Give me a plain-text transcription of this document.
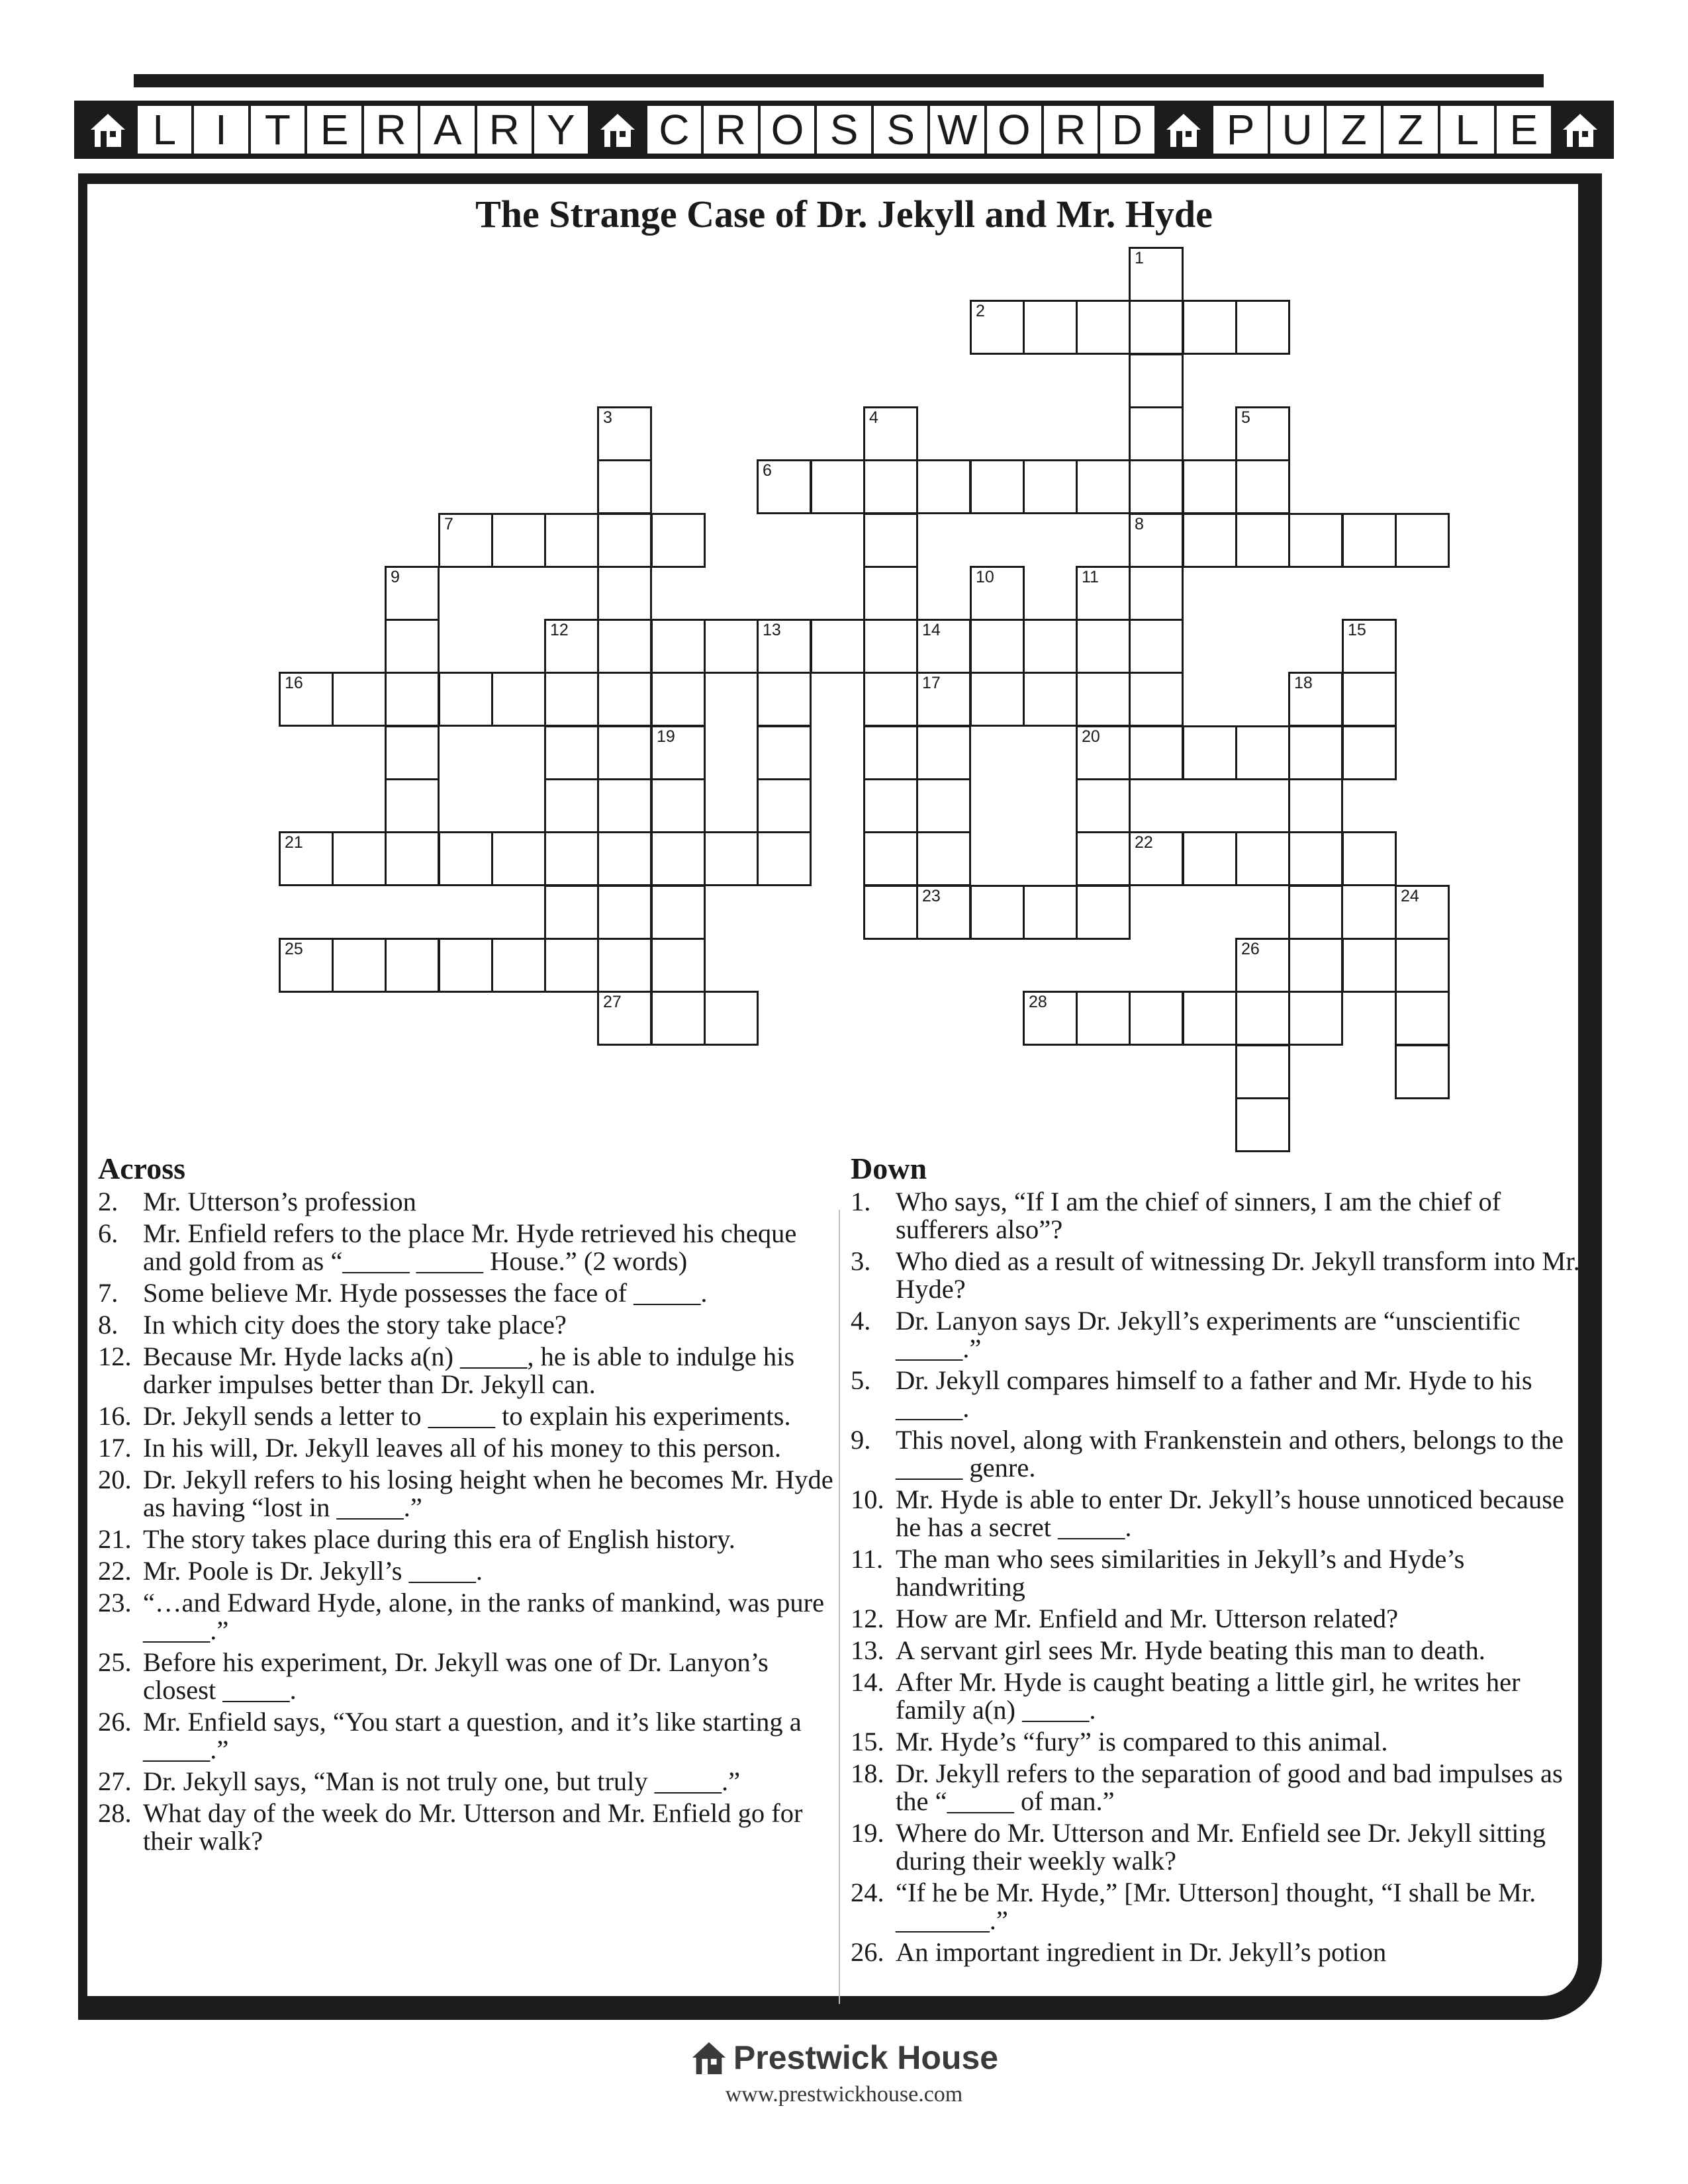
L I T E R A R Y	C R O S S W O R D	P U Z Z L E
The Strange Case of Dr. Jekyll and Mr. Hyde
1
8
2
3
27
4	5
6
7
9	10	11
20
12	13	14
17
23
15
16	18
19
21	22
24
25	26
28
Across
2. Mr. Utterson’s profession
6. Mr. Enfield refers to the place Mr. Hyde retrieved his cheque and gold from as “_____ _____ House.” (2 words)
7. Some believe Mr. Hyde possesses the face of _____.
8. In which city does the story take place?
12. Because Mr. Hyde lacks a(n) _____, he is able to indulge his darker impulses better than Dr. Jekyll can.
16. Dr. Jekyll sends a letter to _____ to explain his experiments.
17. In his will, Dr. Jekyll leaves all of his money to this person.
20. Dr. Jekyll refers to his losing height when he becomes Mr. Hyde as having “lost in _____.”
21. The story takes place during this era of English history.
22. Mr. Poole is Dr. Jekyll’s _____.
23. “…and Edward Hyde, alone, in the ranks of mankind, was pure _____.”
25. Before his experiment, Dr. Jekyll was one of Dr. Lanyon’s closest _____.
26. Mr. Enfield says, “You start a question, and it’s like starting a _____.”
27. Dr. Jekyll says, “Man is not truly one, but truly _____.”
28. What day of the week do Mr. Utterson and Mr. Enfield go for their walk?
Down
1. Who says, “If I am the chief of sinners, I am the chief of sufferers also”?
3. Who died as a result of witnessing Dr. Jekyll transform into Mr. Hyde?
4. Dr. Lanyon says Dr. Jekyll’s experiments are “unscientific _____.”
5. Dr. Jekyll compares himself to a father and Mr. Hyde to his _____.
9. This novel, along with Frankenstein and others, belongs to the _____ genre.
10. Mr. Hyde is able to enter Dr. Jekyll’s house unnoticed because he has a secret _____.
11. The man who sees similarities in Jekyll’s and Hyde’s handwriting
12. How are Mr. Enfield and Mr. Utterson related?
13. A servant girl sees Mr. Hyde beating this man to death.
14. After Mr. Hyde is caught beating a little girl, he writes her family a(n) _____.
15. Mr. Hyde’s “fury” is compared to this animal.
18. Dr. Jekyll refers to the separation of good and bad impulses as the “_____ of man.”
19. Where do Mr. Utterson and Mr. Enfield see Dr. Jekyll sitting during their weekly walk?
24. “If he be Mr. Hyde,” [Mr. Utterson] thought, “I shall be Mr. _______.”
26. An important ingredient in Dr. Jekyll’s potion
Prestwick House
www.prestwickhouse.com
